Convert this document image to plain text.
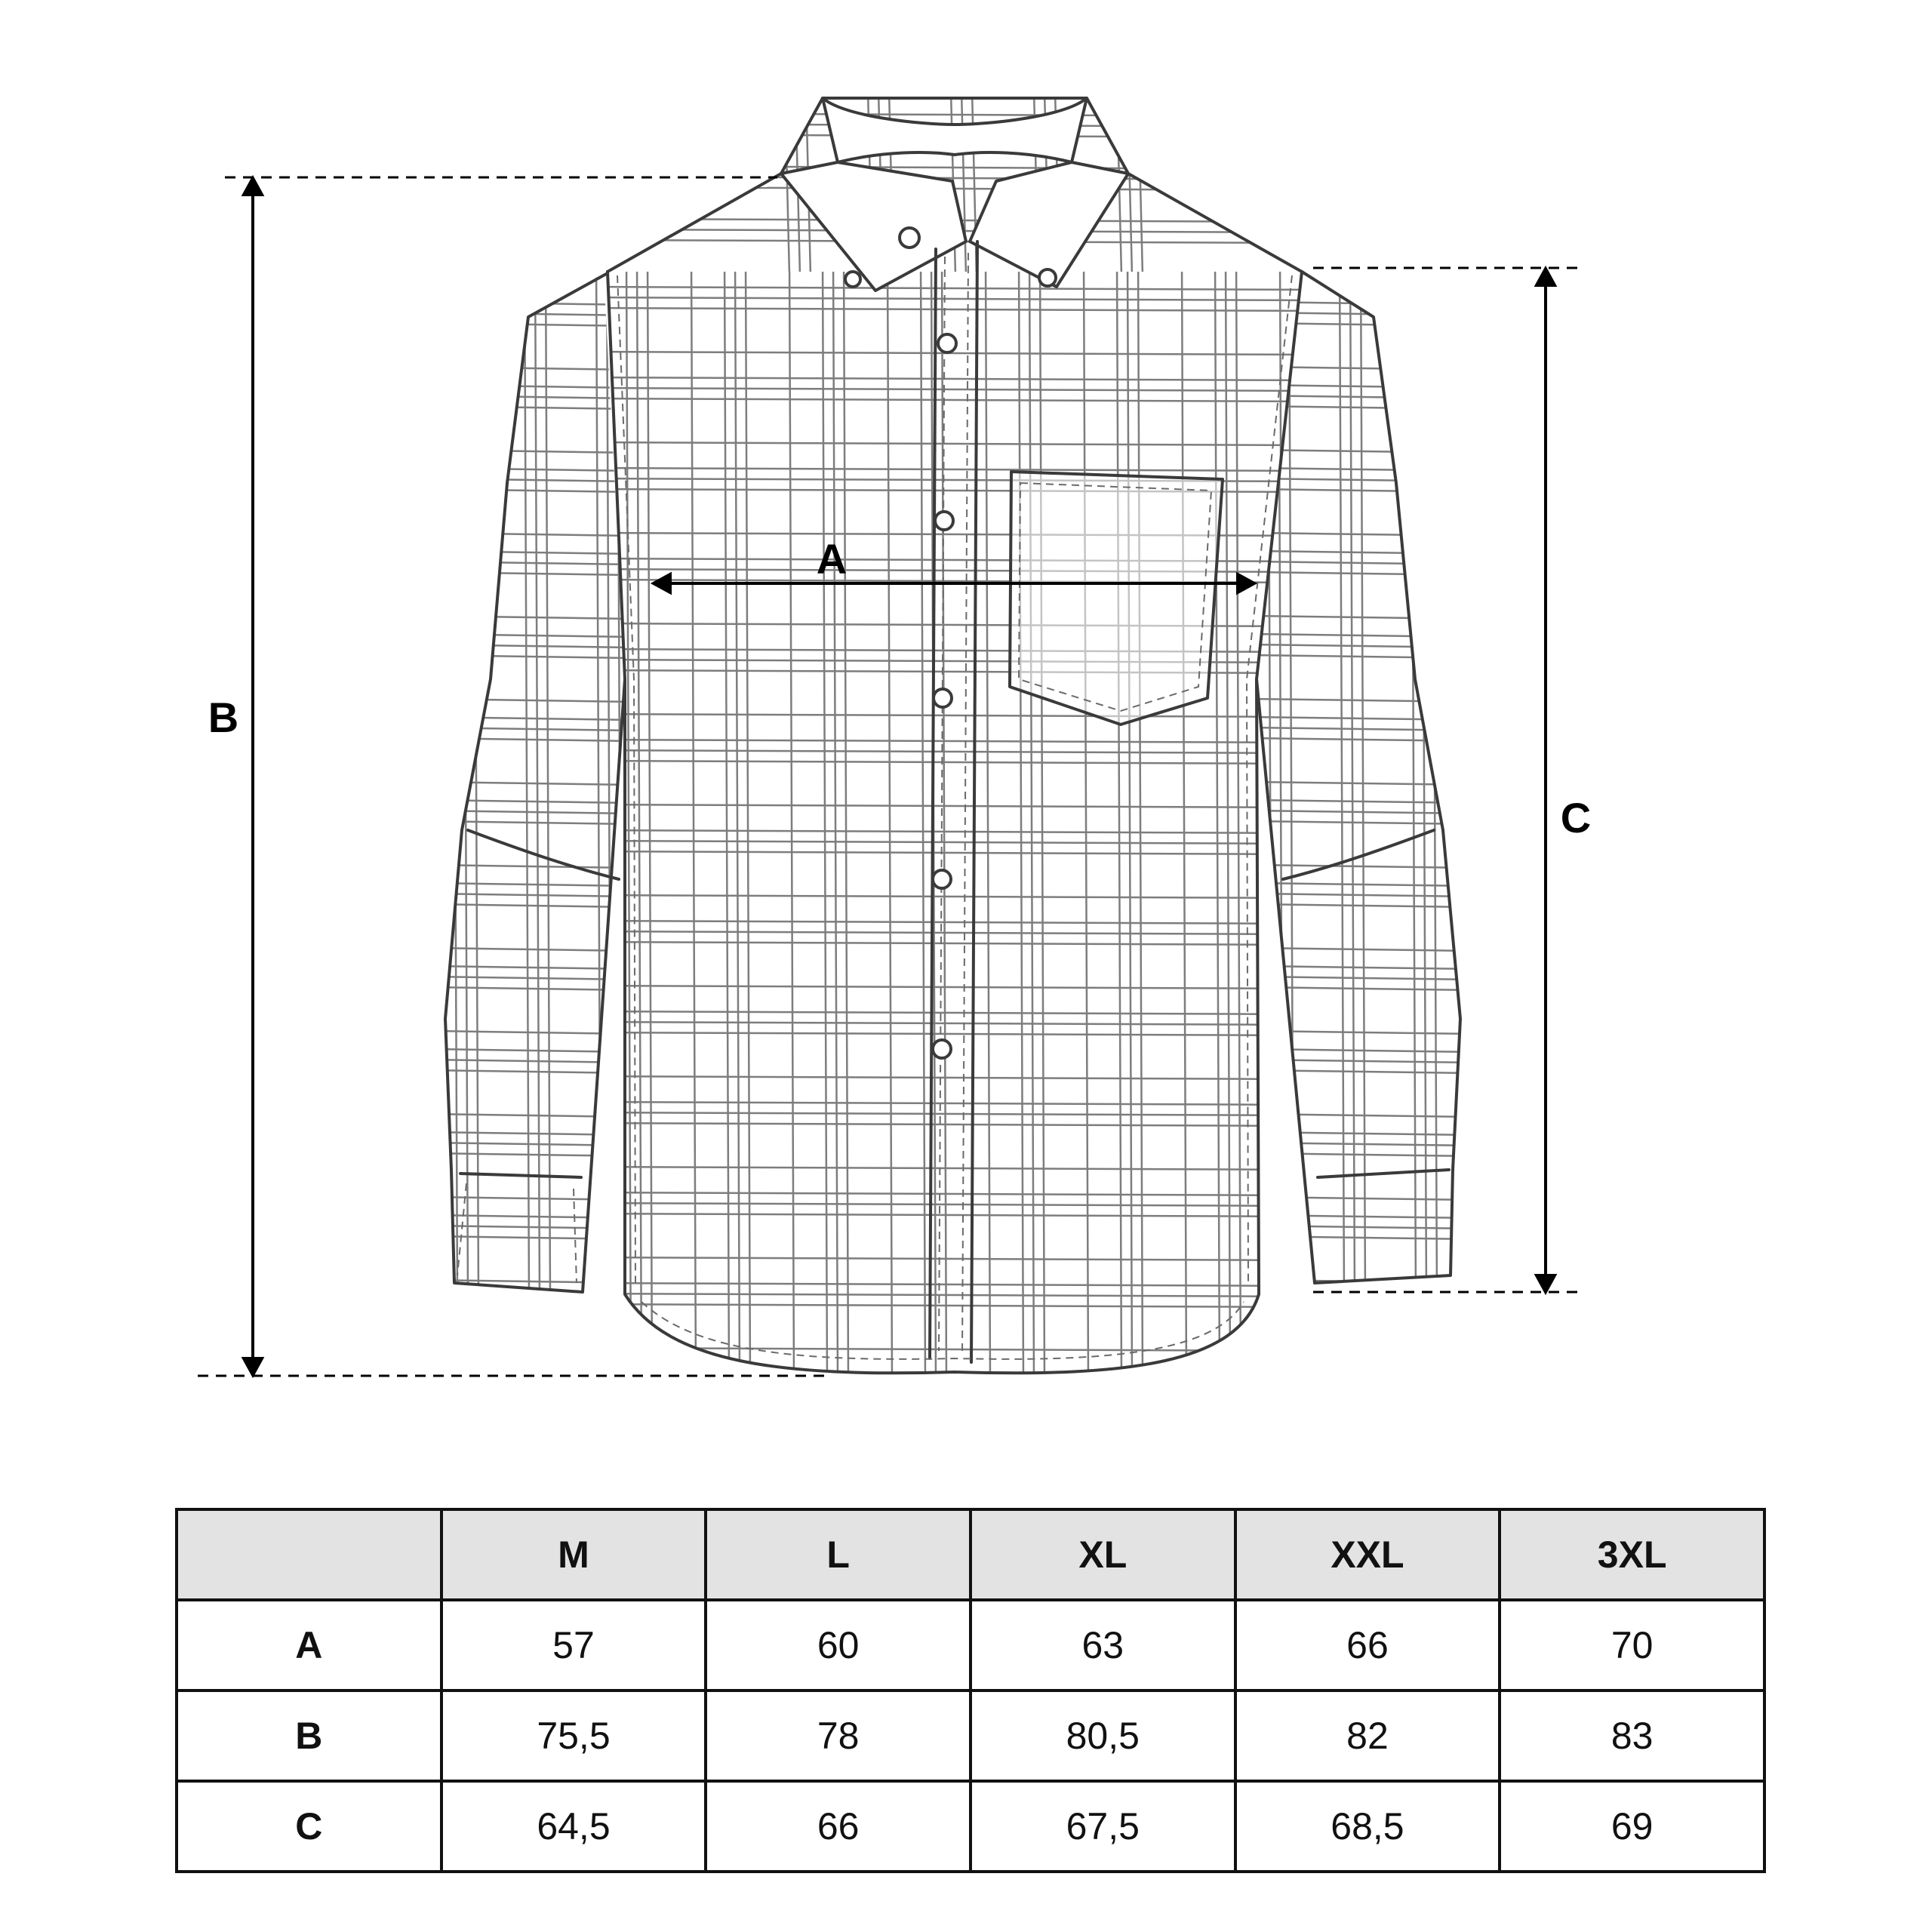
A
B
C
	M	L	XL	XXL	3XL
A	57	60	63	66	70
B	75,5	78	80,5	82	83
C	64,5	66	67,5	68,5	69
